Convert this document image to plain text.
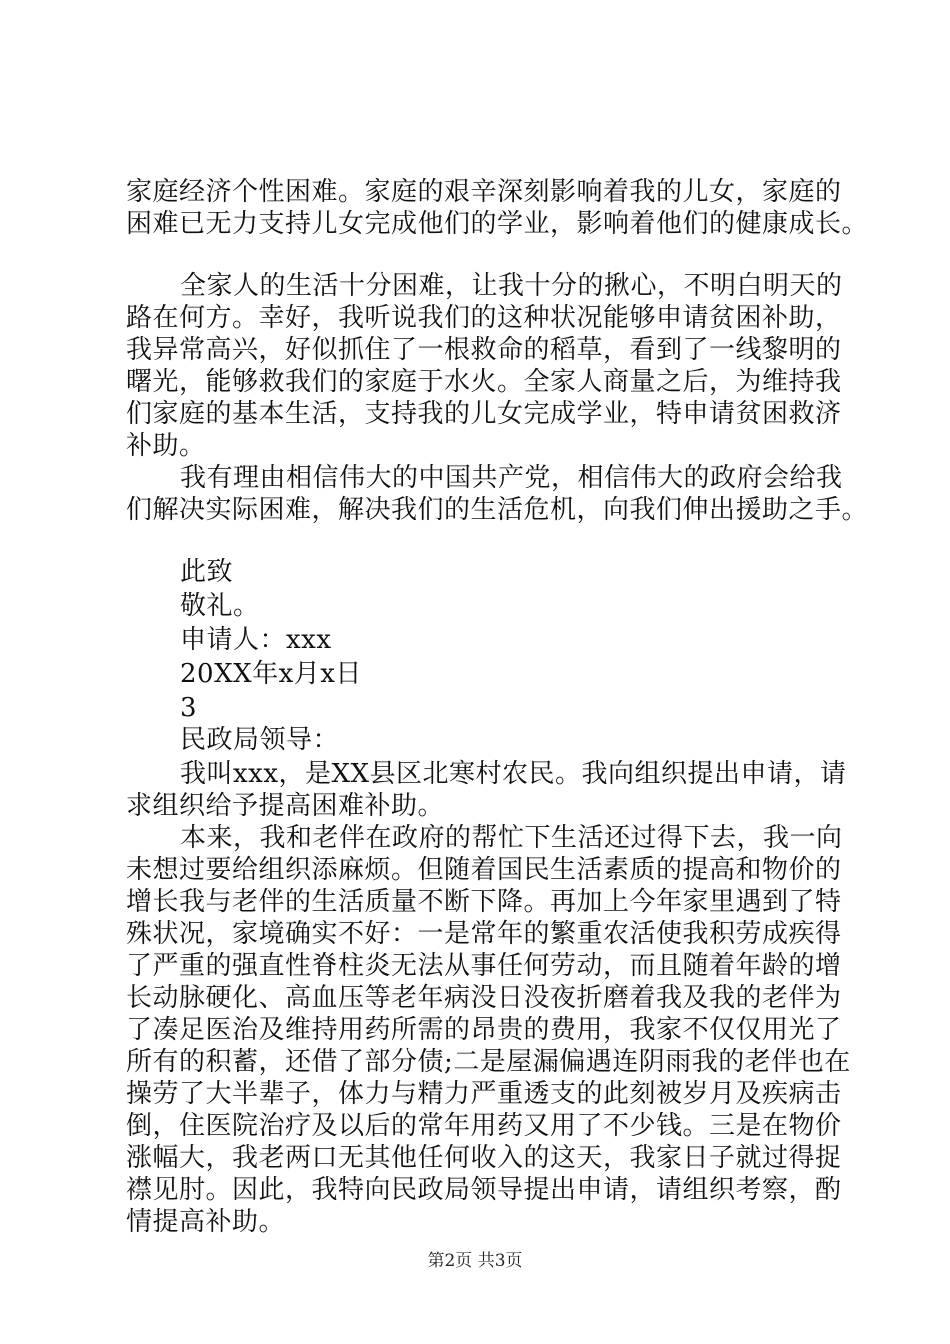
家庭经济个性困难。家庭的艰辛深刻影响着我的儿女，家庭的
困难已无力支持儿女完成他们的学业，影响着他们的健康成长。
全家人的生活十分困难，让我十分的揪心，不明白明天的
路在何方。幸好，我听说我们的这种状况能够申请贫困补助，
我异常高兴，好似抓住了一根救命的稻草，看到了一线黎明的
曙光，能够救我们的家庭于水火。全家人商量之后，为维持我
们家庭的基本生活，支持我的儿女完成学业，特申请贫困救济
补助。
我有理由相信伟大的中国共产党，相信伟大的政府会给我
们解决实际困难，解决我们的生活危机，向我们伸出援助之手。
此致
敬礼。
申请人：xxx
20XX年x月x日
3
民政局领导：
我叫xxx，是XX县区北寒村农民。我向组织提出申请，请
求组织给予提高困难补助。
本来，我和老伴在政府的帮忙下生活还过得下去，我一向
未想过要给组织添麻烦。但随着国民生活素质的提高和物价的
增长我与老伴的生活质量不断下降。再加上今年家里遇到了特
殊状况，家境确实不好：一是常年的繁重农活使我积劳成疾得
了严重的强直性脊柱炎无法从事任何劳动，而且随着年龄的增
长动脉硬化、高血压等老年病没日没夜折磨着我及我的老伴为
了凑足医治及维持用药所需的昂贵的费用，我家不仅仅用光了
所有的积蓄，还借了部分债;二是屋漏偏遇连阴雨我的老伴也在
操劳了大半辈子，体力与精力严重透支的此刻被岁月及疾病击
倒，住医院治疗及以后的常年用药又用了不少钱。三是在物价
涨幅大，我老两口无其他任何收入的这天，我家日子就过得捉
襟见肘。因此，我特向民政局领导提出申请，请组织考察，酌
情提高补助。
第2页 共3页
